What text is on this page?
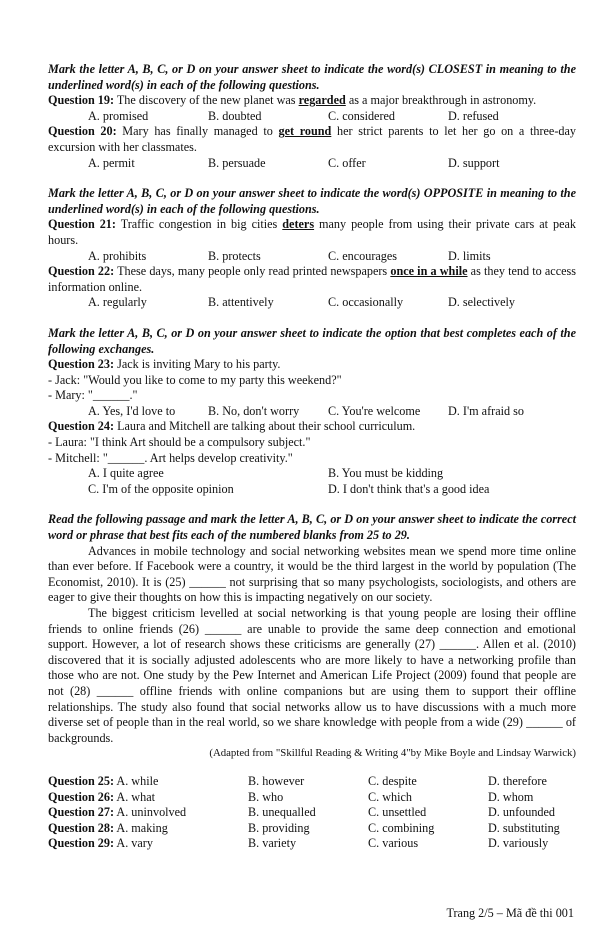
Mark the letter A, B, C, or D on your answer sheet to indicate the word(s) CLOSEST in meaning to the underlined word(s) in each of the following questions.
Question 19: The discovery of the new planet was regarded as a major breakthrough in astronomy.
A. promised	B. doubted	C. considered	D. refused
Question 20: Mary has finally managed to get round her strict parents to let her go on a three-day excursion with her classmates.
A. permit	B. persuade	C. offer	D. support
Mark the letter A, B, C, or D on your answer sheet to indicate the word(s) OPPOSITE in meaning to the underlined word(s) in each of the following questions.
Question 21: Traffic congestion in big cities deters many people from using their private cars at peak hours.
A. prohibits	B. protects	C. encourages	D. limits
Question 22: These days, many people only read printed newspapers once in a while as they tend to access information online.
A. regularly	B. attentively	C. occasionally	D. selectively
Mark the letter A, B, C, or D on your answer sheet to indicate the option that best completes each of the following exchanges.
Question 23: Jack is inviting Mary to his party.
- Jack: "Would you like to come to my party this weekend?"
- Mary: "______."
A. Yes, I'd love to	B. No, don't worry	C. You're welcome	D. I'm afraid so
Question 24: Laura and Mitchell are talking about their school curriculum.
- Laura: "I think Art should be a compulsory subject."
- Mitchell: "______. Art helps develop creativity."
A. I quite agree	B. You must be kidding
C. I'm of the opposite opinion	D. I don't think that's a good idea
Read the following passage and mark the letter A, B, C, or D on your answer sheet to indicate the correct word or phrase that best fits each of the numbered blanks from 25 to 29.
Advances in mobile technology and social networking websites mean we spend more time online than ever before. If Facebook were a country, it would be the third largest in the world by population (The Economist, 2010). It is (25) ______ not surprising that so many psychologists, sociologists, and others are eager to give their thoughts on how this is impacting negatively on our society.
The biggest criticism levelled at social networking is that young people are losing their offline friends to online friends (26) ______ are unable to provide the same deep connection and emotional support. However, a lot of research shows these criticisms are generally (27) ______. Allen et al. (2010) discovered that it is socially adjusted adolescents who are more likely to have a networking profile than those who are not. One study by the Pew Internet and American Life Project (2009) found that people are not (28) ______ offline friends with online companions but are using them to support their offline relationships. The study also found that social networks allow us to have discussions with a much more diverse set of people than in the real world, so we share knowledge with people from a wide (29) ______ of backgrounds.
(Adapted from "Skillful Reading & Writing 4"by Mike Boyle and Lindsay Warwick)
Question 25: A. while	B. however	C. despite	D. therefore
Question 26: A. what	B. who	C. which	D. whom
Question 27: A. uninvolved	B. unequalled	C. unsettled	D. unfounded
Question 28: A. making	B. providing	C. combining	D. substituting
Question 29: A. vary	B. variety	C. various	D. variously
Trang 2/5 – Mã đề thi 001
